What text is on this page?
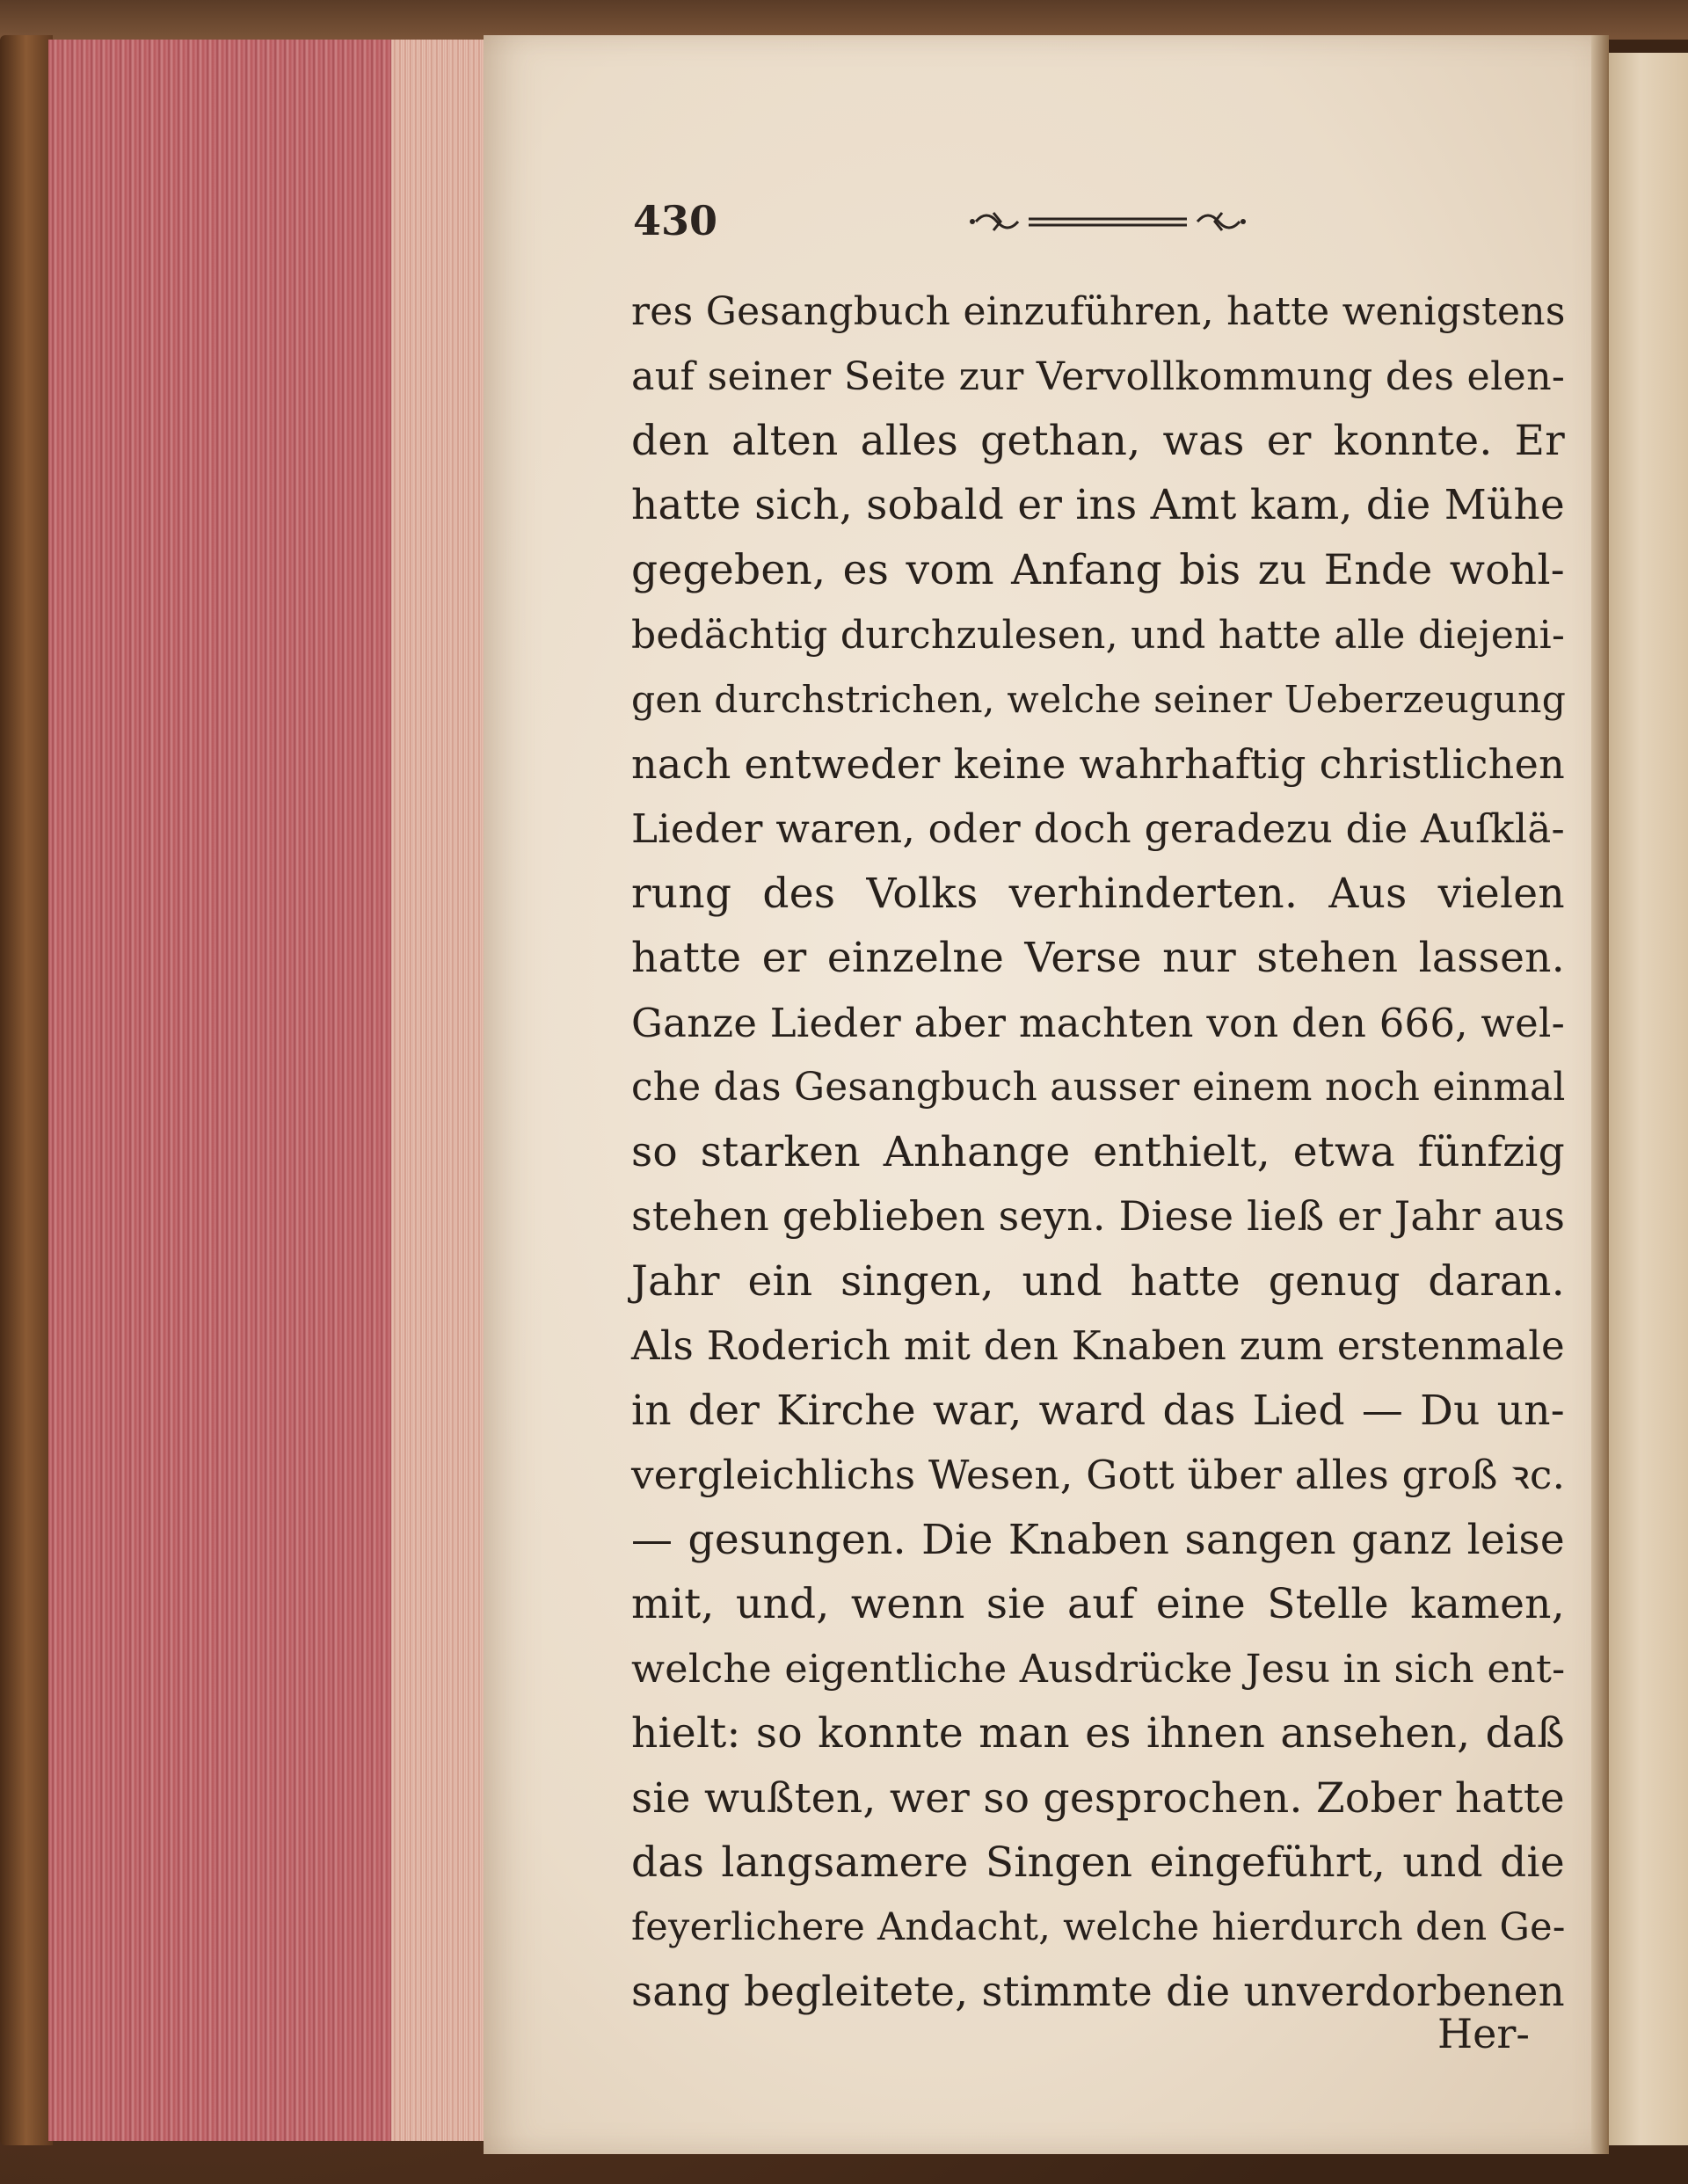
430
res Gesangbuch einzuführen, hatte wenigstens
auf seiner Seite zur Vervollkommung des elen-
den alten alles gethan, was er konnte. Er
hatte sich, sobald er ins Amt kam, die Mühe
gegeben, es vom Anfang bis zu Ende wohl-
bedächtig durchzulesen, und hatte alle diejeni-
gen durchstrichen, welche seiner Ueberzeugung
nach entweder keine wahrhaftig christlichen
Lieder waren, oder doch geradezu die Auſklä-
rung des Volks verhinderten. Aus vielen
hatte er einzelne Verse nur stehen lassen.
Ganze Lieder aber machten von den 666, wel-
che das Gesangbuch ausser einem noch einmal
so starken Anhange enthielt, etwa fünfzig
stehen geblieben seyn. Diese ließ er Jahr aus
Jahr ein singen, und hatte genug daran.
Als Roderich mit den Knaben zum erstenmale
in der Kirche war, ward das Lied — Du un-
vergleichlichs Wesen, Gott über alles groß ꝛc.
— gesungen. Die Knaben sangen ganz leise
mit, und, wenn sie auf eine Stelle kamen,
welche eigentliche Ausdrücke Jesu in sich ent-
hielt: so konnte man es ihnen ansehen, daß
sie wußten, wer so gesprochen. Zober hatte
das langsamere Singen eingeführt, und die
feyerlichere Andacht, welche hierdurch den Ge-
sang begleitete, stimmte die unverdorbenen
Her-
